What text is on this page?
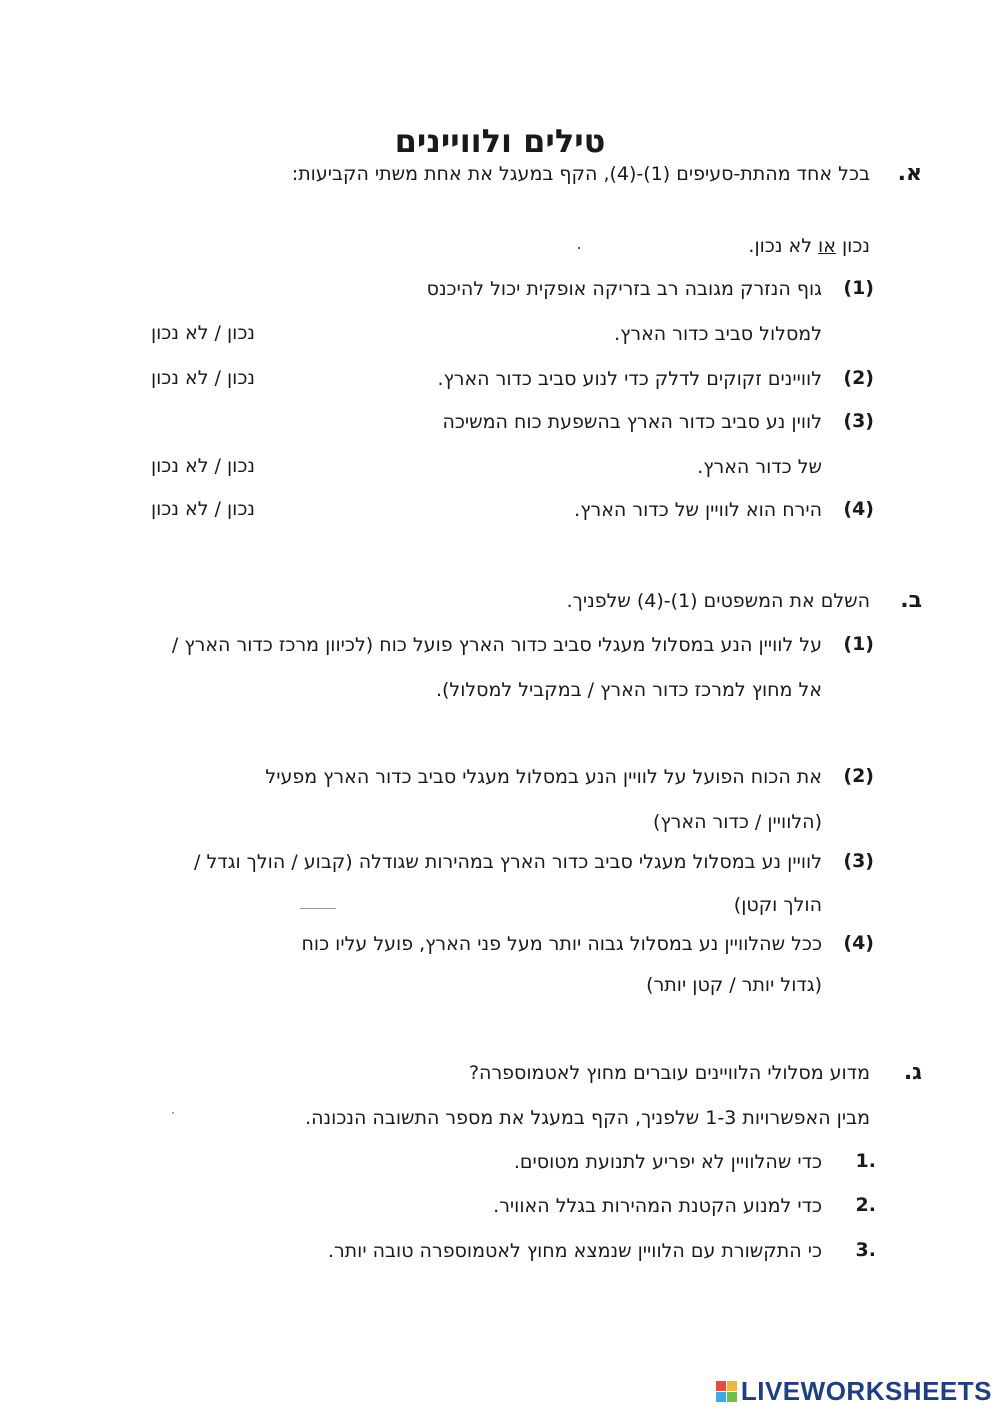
טילים ולוויינים
א.
בכל אחד מהתת-סעיפים (1)-(4), הקף במעגל את אחת משתי הקביעות:
נכון או לא נכון.
(1)
גוף הנזרק מגובה רב בזריקה אופקית יכול להיכנס
למסלול סביב כדור הארץ.
נכון / לא נכון
(2)
לוויינים זקוקים לדלק כדי לנוע סביב כדור הארץ.
נכון / לא נכון
(3)
לווין נע סביב כדור הארץ בהשפעת כוח המשיכה
של כדור הארץ.
נכון / לא נכון
(4)
הירח הוא לוויין של כדור הארץ.
נכון / לא נכון
ב.
השלם את המשפטים (1)-(4) שלפניך.
(1)
על לוויין הנע במסלול מעגלי סביב כדור הארץ פועל כוח (לכיוון מרכז כדור הארץ /
אל מחוץ למרכז כדור הארץ / במקביל למסלול).
(2)
את הכוח הפועל על לוויין הנע במסלול מעגלי סביב כדור הארץ מפעיל
(הלוויין / כדור הארץ)
(3)
לוויין נע במסלול מעגלי סביב כדור הארץ במהירות שגודלה (קבוע / הולך וגדל /
הולך וקטן)
(4)
ככל שהלוויין נע במסלול גבוה יותר מעל פני הארץ, פועל עליו כוח
(גדול יותר / קטן יותר)
ג.
מדוע מסלולי הלוויינים עוברים מחוץ לאטמוספרה?
מבין האפשרויות 1-3 שלפניך, הקף במעגל את מספר התשובה הנכונה.
1.
כדי שהלוויין לא יפריע לתנועת מטוסים.
2.
כדי למנוע הקטנת המהירות בגלל האוויר.
3.
כי התקשורת עם הלוויין שנמצא מחוץ לאטמוספרה טובה יותר.
LIVEWORKSHEETS
